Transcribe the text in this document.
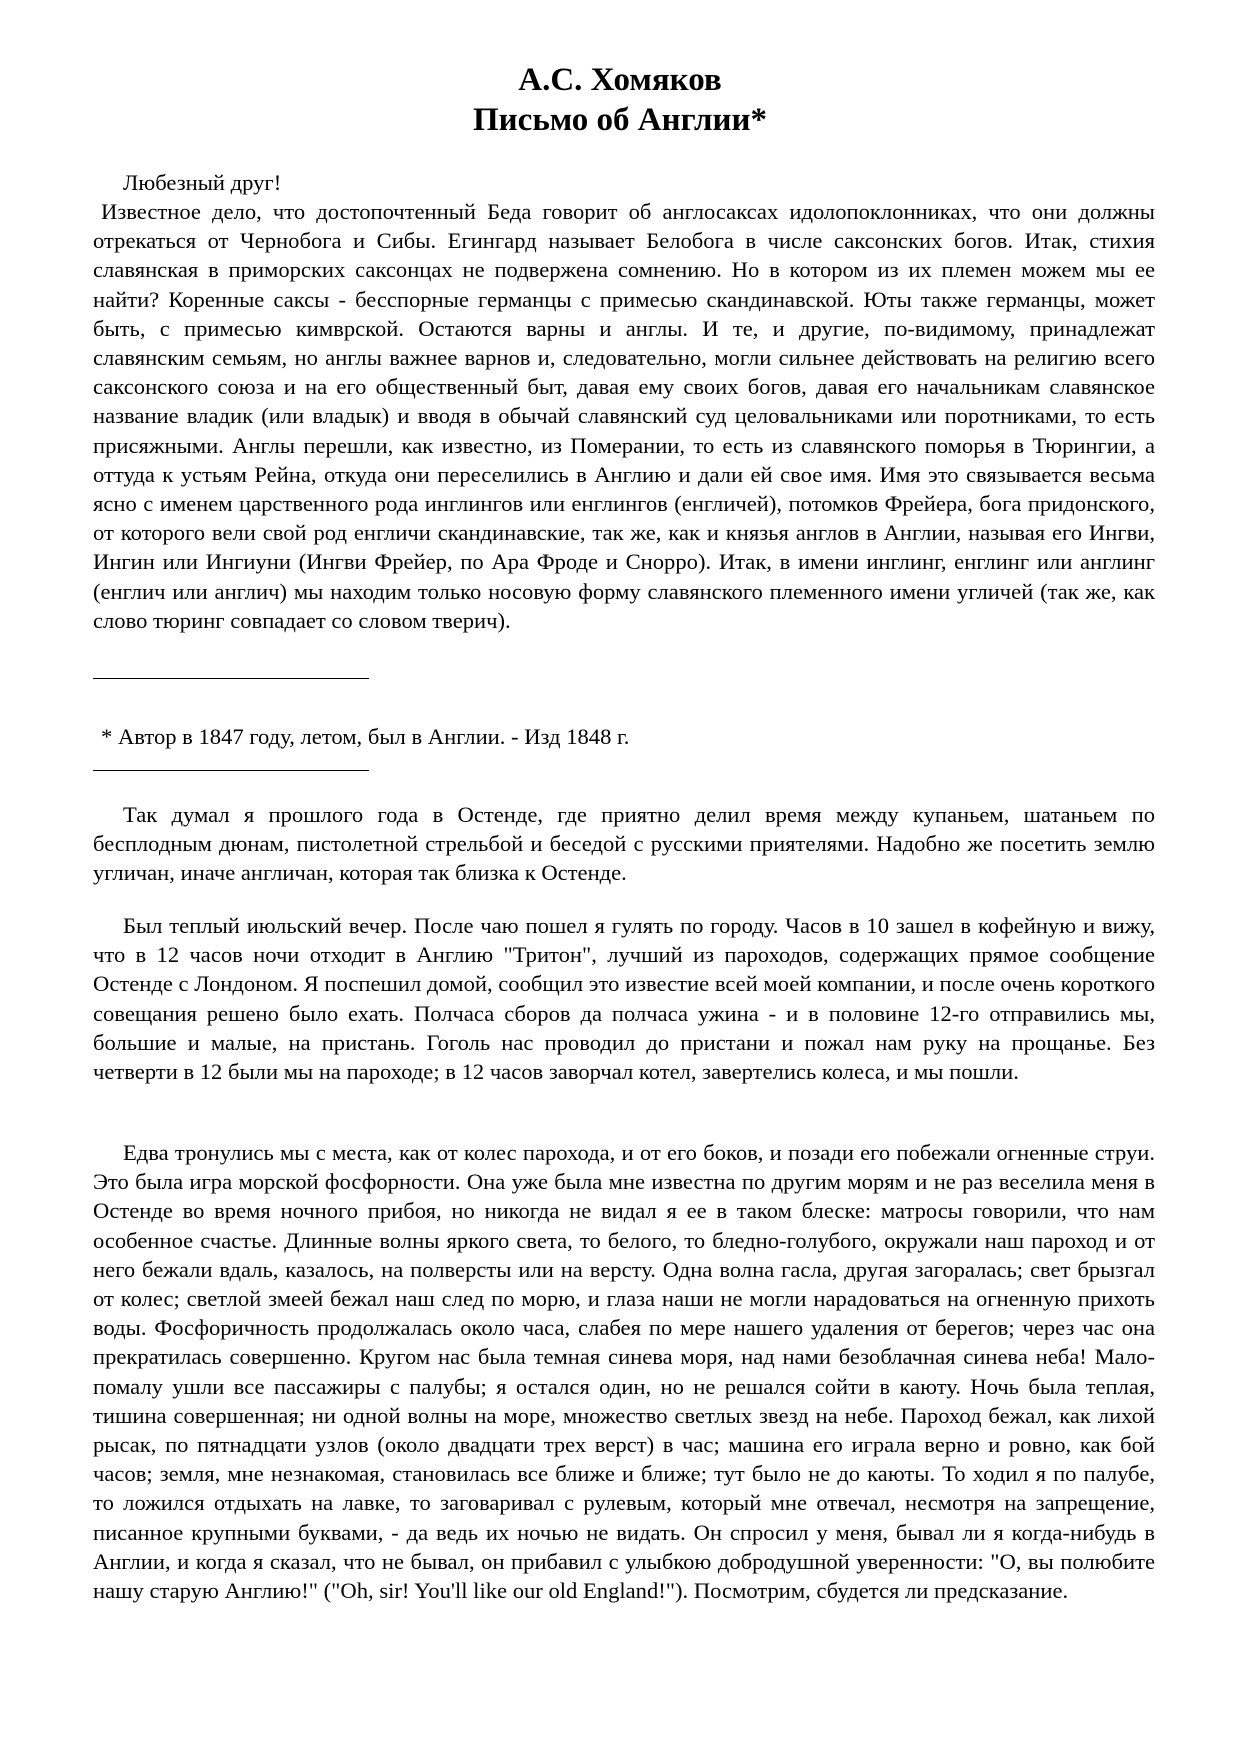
А.С. Хомяков
Письмо об Англии*

Любезный друг!

Известное дело, что достопочтенный Беда говорит об англосаксах идолопоклонниках, что они должны отрекаться от Чернобога и Сибы. Егингард называет Белобога в числе саксонских богов. Итак, стихия славянская в приморских саксонцах не подвержена сомнению. Но в котором из их племен можем мы ее найти? Коренные саксы - бесспорные германцы с примесью скандинавской. Юты также германцы, может быть, с примесью кимврской. Остаются варны и англы. И те, и другие, по-видимому, принадлежат славянским семьям, но англы важнее варнов и, следовательно, могли сильнее действовать на религию всего саксонского союза и на его общественный быт, давая ему своих богов, давая его начальникам славянское название владик (или владык) и вводя в обычай славянский суд целовальниками или поротниками, то есть присяжными. Англы перешли, как известно, из Померании, то есть из славянского поморья в Тюрингии, а оттуда к устьям Рейна, откуда они переселились в Англию и дали ей свое имя. Имя это связывается весьма ясно с именем царственного рода инглингов или енглингов (енгличей), потомков Фрейера, бога придонского, от которого вели свой род енгличи скандинавские, так же, как и князья англов в Англии, называя его Ингви, Ингин или Ингиуни (Ингви Фрейер, по Ара Фроде и Снорро). Итак, в имени инглинг, енглинг или англинг (енглич или англич) мы находим только носовую форму славянского племенного имени угличей (так же, как слово тюринг совпадает со словом тверич).

* Автор в 1847 году, летом, был в Англии. - Изд 1848 г.

Так думал я прошлого года в Остенде, где приятно делил время между купаньем, шатаньем по бесплодным дюнам, пистолетной стрельбой и беседой с русскими приятелями. Надобно же посетить землю угличан, иначе англичан, которая так близка к Остенде.

Был теплый июльский вечер. После чаю пошел я гулять по городу. Часов в 10 зашел в кофейную и вижу, что в 12 часов ночи отходит в Англию "Тритон", лучший из пароходов, содержащих прямое сообщение Остенде с Лондоном. Я поспешил домой, сообщил это известие всей моей компании, и после очень короткого совещания решено было ехать. Полчаса сборов да полчаса ужина - и в половине 12-го отправились мы, большие и малые, на пристань. Гоголь нас проводил до пристани и пожал нам руку на прощанье. Без четверти в 12 были мы на пароходе; в 12 часов заворчал котел, завертелись колеса, и мы пошли.

Едва тронулись мы с места, как от колес парохода, и от его боков, и позади его побежали огненные струи. Это была игра морской фосфорности. Она уже была мне известна по другим морям и не раз веселила меня в Остенде во время ночного прибоя, но никогда не видал я ее в таком блеске: матросы говорили, что нам особенное счастье. Длинные волны яркого света, то белого, то бледно-голубого, окружали наш пароход и от него бежали вдаль, казалось, на полверсты или на версту. Одна волна гасла, другая загоралась; свет брызгал от колес; светлой змеей бежал наш след по морю, и глаза наши не могли нарадоваться на огненную прихоть воды. Фосфоричность продолжалась около часа, слабея по мере нашего удаления от берегов; через час она прекратилась совершенно. Кругом нас была темная синева моря, над нами безоблачная синева неба! Мало-помалу ушли все пассажиры с палубы; я остался один, но не решался сойти в каюту. Ночь была теплая, тишина совершенная; ни одной волны на море, множество светлых звезд на небе. Пароход бежал, как лихой рысак, по пятнадцати узлов (около двадцати трех верст) в час; машина его играла верно и ровно, как бой часов; земля, мне незнакомая, становилась все ближе и ближе; тут было не до каюты. То ходил я по палубе, то ложился отдыхать на лавке, то заговаривал с рулевым, который мне отвечал, несмотря на запрещение, писанное крупными буквами, - да ведь их ночью не видать. Он спросил у меня, бывал ли я когда-нибудь в Англии, и когда я сказал, что не бывал, он прибавил с улыбкою добродушной уверенности: "О, вы полюбите нашу старую Англию!" ("Oh, sir! You'll like our old England!"). Посмотрим, сбудется ли предсказание.
